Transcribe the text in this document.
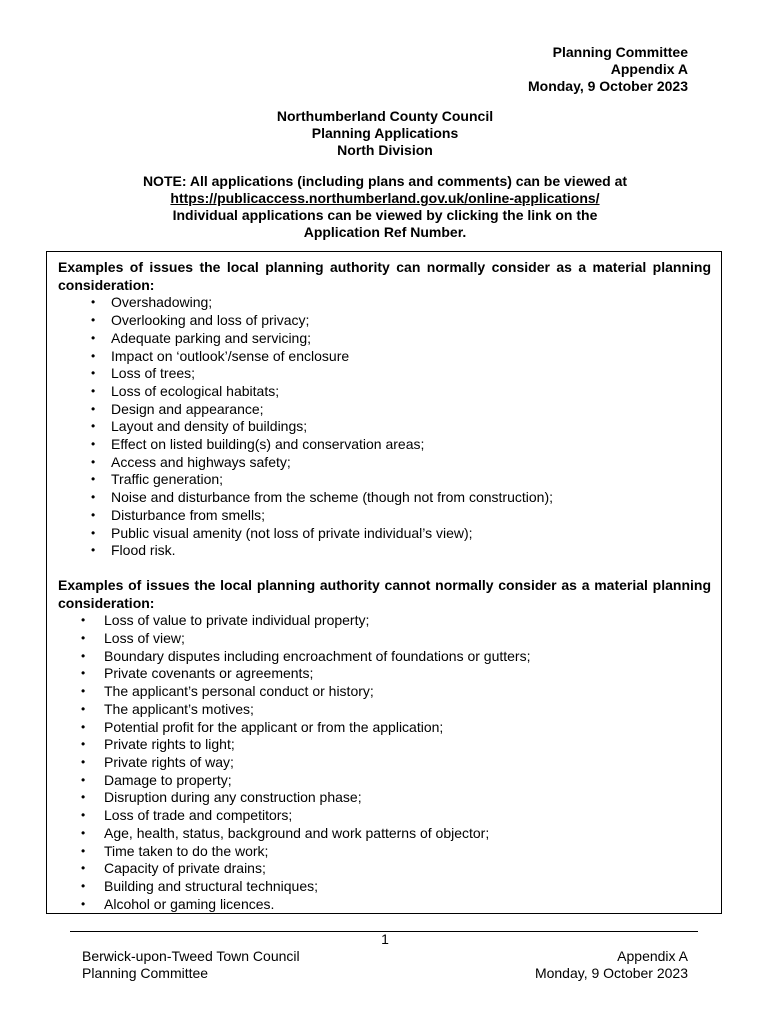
Planning Committee
Appendix A
Monday, 9 October 2023
Northumberland County Council
Planning Applications
North Division
NOTE: All applications (including plans and comments) can be viewed at
https://publicaccess.northumberland.gov.uk/online-applications/
Individual applications can be viewed by clicking the link on the
Application Ref Number.
Examples of issues the local planning authority can normally consider as a material planning consideration:
• Overshadowing;
• Overlooking and loss of privacy;
• Adequate parking and servicing;
• Impact on ‘outlook’/sense of enclosure
• Loss of trees;
• Loss of ecological habitats;
• Design and appearance;
• Layout and density of buildings;
• Effect on listed building(s) and conservation areas;
• Access and highways safety;
• Traffic generation;
• Noise and disturbance from the scheme (though not from construction);
• Disturbance from smells;
• Public visual amenity (not loss of private individual’s view);
• Flood risk.
Examples of issues the local planning authority cannot normally consider as a material planning consideration:
• Loss of value to private individual property;
• Loss of view;
• Boundary disputes including encroachment of foundations or gutters;
• Private covenants or agreements;
• The applicant’s personal conduct or history;
• The applicant’s motives;
• Potential profit for the applicant or from the application;
• Private rights to light;
• Private rights of way;
• Damage to property;
• Disruption during any construction phase;
• Loss of trade and competitors;
• Age, health, status, background and work patterns of objector;
• Time taken to do the work;
• Capacity of private drains;
• Building and structural techniques;
• Alcohol or gaming licences.
1
Berwick-upon-Tweed Town Council
Planning Committee
Appendix A
Monday, 9 October 2023
